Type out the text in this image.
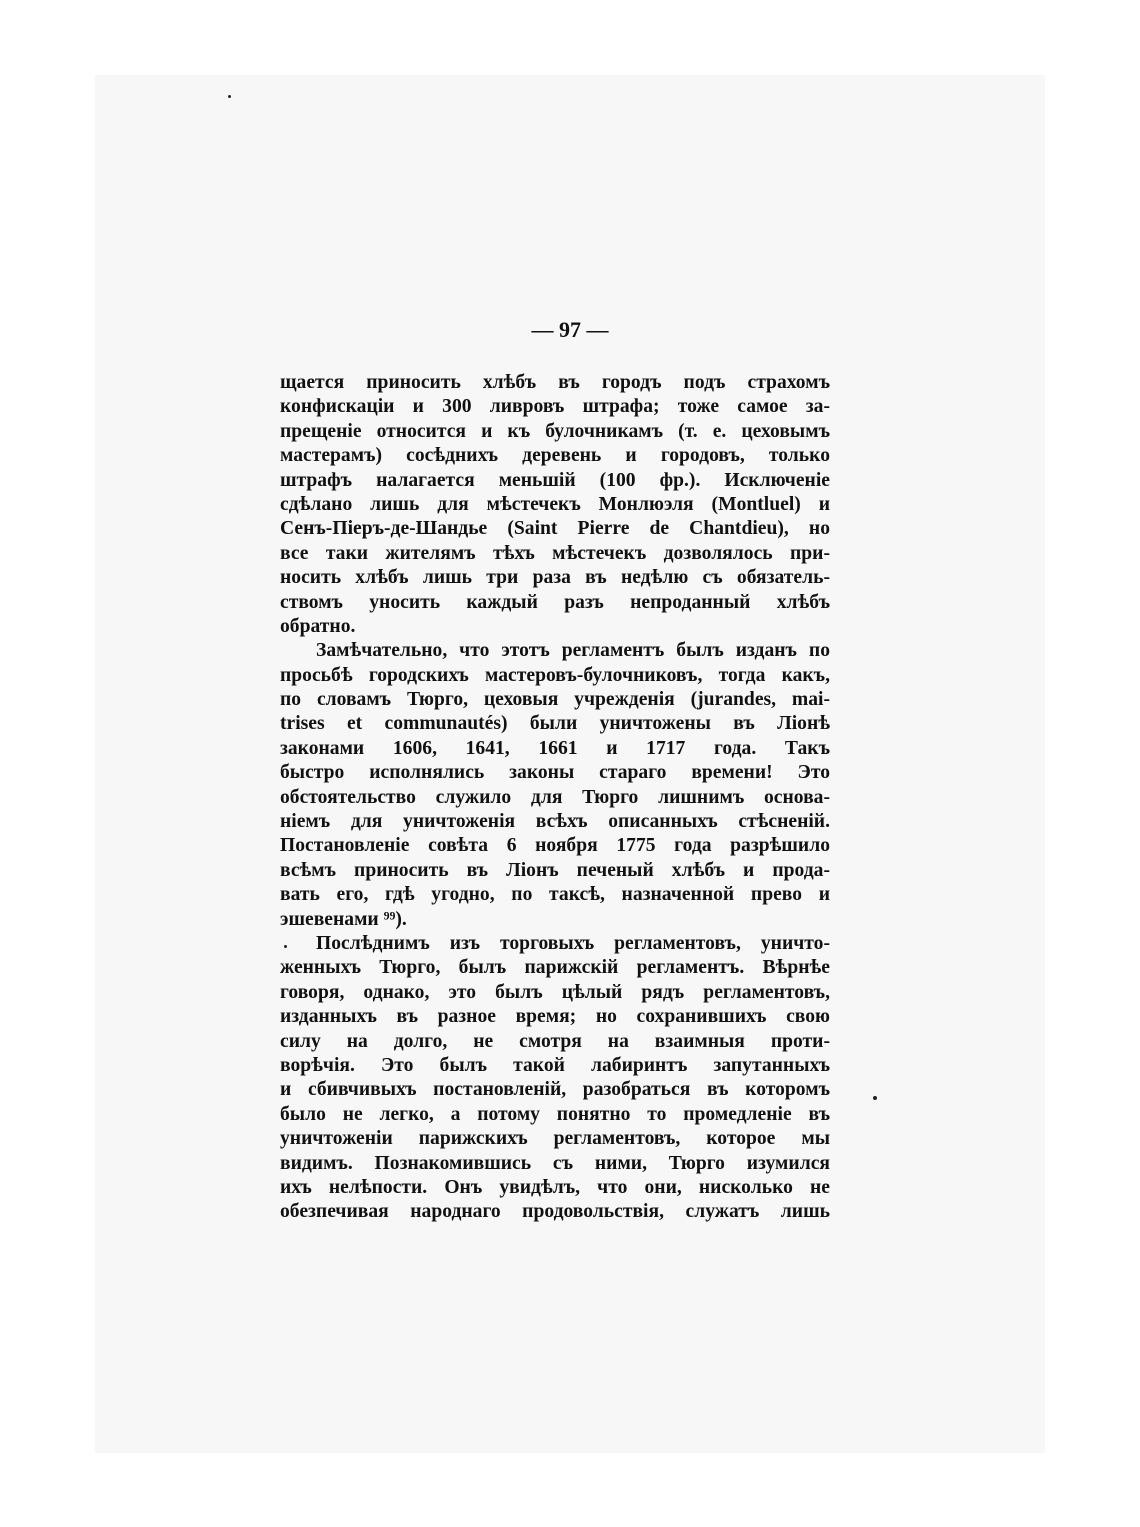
— 97 —
щается приносить хлѣбъ въ городъ подъ страхомъ
конфискаціи и 300 ливровъ штрафа; тоже самое за-
прещеніе относится и къ булочникамъ (т. е. цеховымъ
мастерамъ) сосѣднихъ деревень и городовъ, только
штрафъ налагается меньшій (100 фр.). Исключеніе
сдѣлано лишь для мѣстечекъ Монлюэля (Montluel) и
Сенъ-Піеръ-де-Шандье (Saint Pierre de Chantdieu), но
все таки жителямъ тѣхъ мѣстечекъ дозволялось при-
носить хлѣбъ лишь три раза въ недѣлю съ обязатель-
ствомъ уносить каждый разъ непроданный хлѣбъ
обратно.
Замѣчательно, что этотъ регламентъ былъ изданъ по
просьбѣ городскихъ мастеровъ-булочниковъ, тогда какъ,
по словамъ Тюрго, цеховыя учрежденія (jurandes, mai-
trises et communautés) были уничтожены въ Ліонѣ
законами 1606, 1641, 1661 и 1717 года. Такъ
быстро исполнялись законы стараго времени! Это
обстоятельство служило для Тюрго лишнимъ основа-
ніемъ для уничтоженія всѣхъ описанныхъ стѣсненій.
Постановленіе совѣта 6 ноября 1775 года разрѣшило
всѣмъ приносить въ Ліонъ печеный хлѣбъ и прода-
вать его, гдѣ угодно, по таксѣ, назначенной прево и
эшевенами ⁹⁹).
Послѣднимъ изъ торговыхъ регламентовъ, уничто-
женныхъ Тюрго, былъ парижскій регламентъ. Вѣрнѣе
говоря, однако, это былъ цѣлый рядъ регламентовъ,
изданныхъ въ разное время; но сохранившихъ свою
силу на долго, не смотря на взаимныя проти-
ворѣчія. Это былъ такой лабиринтъ запутанныхъ
и сбивчивыхъ постановленій, разобраться въ которомъ
было не легко, а потому понятно то промедленіе въ
уничтоженіи парижскихъ регламентовъ, которое мы
видимъ. Познакомившись съ ними, Тюрго изумился
ихъ нелѣпости. Онъ увидѣлъ, что они, нисколько не
обезпечивая народнаго продовольствія, служатъ лишь
